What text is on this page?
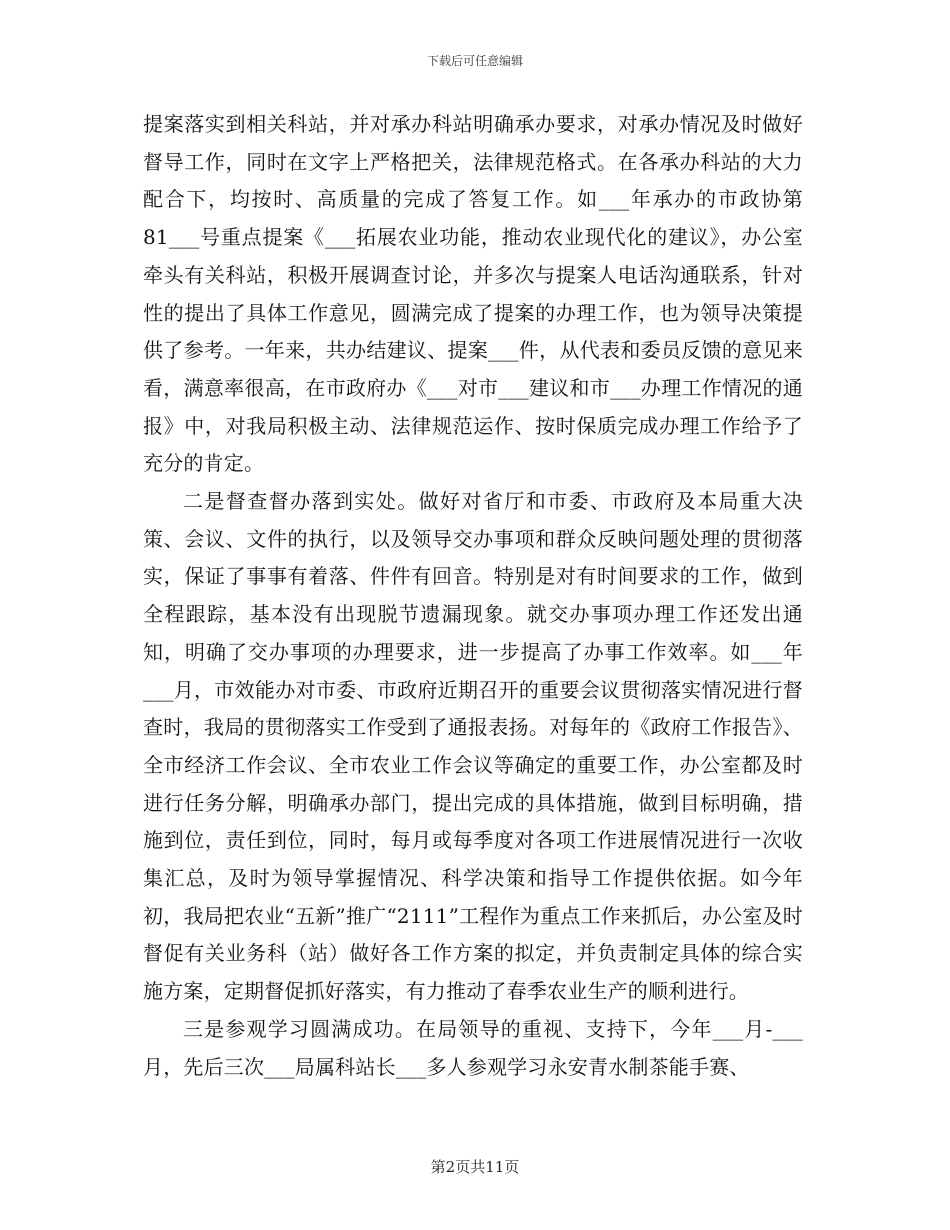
下载后可任意编辑

提案落实到相关科站，并对承办科站明确承办要求，对承办情况及时做好督导工作，同时在文字上严格把关，法律规范格式。在各承办科站的大力配合下，均按时、高质量的完成了答复工作。如___年承办的市政协第81___号重点提案《___拓展农业功能，推动农业现代化的建议》，办公室牵头有关科站，积极开展调查讨论，并多次与提案人电话沟通联系，针对性的提出了具体工作意见，圆满完成了提案的办理工作，也为领导决策提供了参考。一年来，共办结建议、提案___件，从代表和委员反馈的意见来看，满意率很高，在市政府办《___对市___建议和市___办理工作情况的通报》中，对我局积极主动、法律规范运作、按时保质完成办理工作给予了充分的肯定。

二是督查督办落到实处。做好对省厅和市委、市政府及本局重大决策、会议、文件的执行，以及领导交办事项和群众反映问题处理的贯彻落实，保证了事事有着落、件件有回音。特别是对有时间要求的工作，做到全程跟踪，基本没有出现脱节遗漏现象。就交办事项办理工作还发出通知，明确了交办事项的办理要求，进一步提高了办事工作效率。如___年___月，市效能办对市委、市政府近期召开的重要会议贯彻落实情况进行督查时，我局的贯彻落实工作受到了通报表扬。对每年的《政府工作报告》、全市经济工作会议、全市农业工作会议等确定的重要工作，办公室都及时进行任务分解，明确承办部门，提出完成的具体措施，做到目标明确，措施到位，责任到位，同时，每月或每季度对各项工作进展情况进行一次收集汇总，及时为领导掌握情况、科学决策和指导工作提供依据。如今年初，我局把农业“五新”推广“2111”工程作为重点工作来抓后，办公室及时督促有关业务科（站）做好各工作方案的拟定，并负责制定具体的综合实施方案，定期督促抓好落实，有力推动了春季农业生产的顺利进行。

三是参观学习圆满成功。在局领导的重视、支持下，今年___月-___月，先后三次___局属科站长___多人参观学习永安青水制茶能手赛、

第2页共11页
